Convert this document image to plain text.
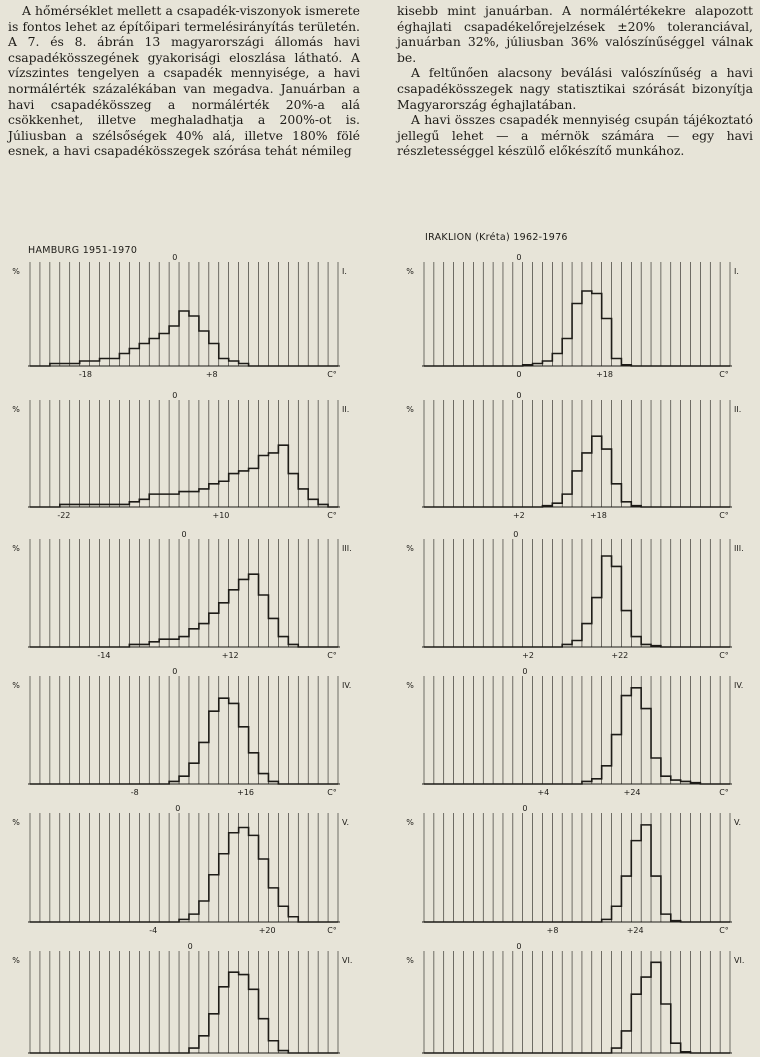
A hőmérséklet mellett a csapadék-viszonyok ismerete is fontos lehet az építőipari termelésirányítás területén. A 7. és 8. ábrán 13 magyarországi állomás havi csapadékösszegének gyakorisági eloszlása látható. A vízszintes tengelyen a csapadék mennyisége, a havi normálérték százalékában van megadva. Januárban a havi csapadékösszeg a normálérték 20%-a alá csökkenhet, illetve meghaladhatja a 200%-ot is. Júliusban a szélsőségek 40% alá, illetve 180% fölé esnek, a havi csapadékösszegek szórása tehát némileg

kisebb mint januárban. A normálértékekre alapozott éghajlati csapadékelőrejelzések ±20% toleranciával, januárban 32%, júliusban 36% valószínűséggel válnak be.

A feltűnően alacsony beválási valószínűség a havi csapadékösszegek nagy statisztikai szórását bizonyítja Magyarország éghajlatában.

A havi összes csapadék mennyiség csupán tájékoztató jellegű lehet — a mérnök számára — egy havi részletességgel készülő előkészítő munkához.

HAMBURG 1951-1970
IRAKLION (Kréta) 1962-1976
%	I.
0
C°
-18	+8
%	II.
0
C°
-22	+10
%	III.
0
C°
-14	+12
%	IV.
0
C°
-8	+16
%	V.
0
C°
-4	+20
%	VI.
0
%	I.
0
C°
0	+18
%	II.
0
C°
+2	+18
%	III.
0
C°
+2	+22
%	IV.
0
C°
+4	+24
%	V.
0
C°
+8	+24
%	VI.
0
